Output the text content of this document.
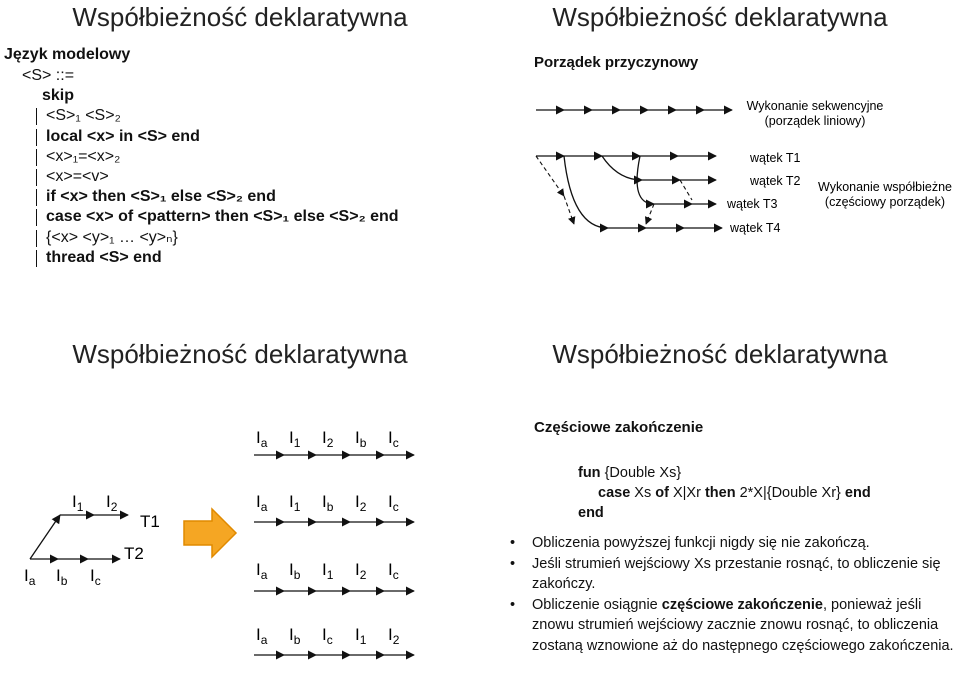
Współbieżność deklaratywna
Język modelowy
<S> ::=
skip
<S>₁ <S>₂
local <x> in <S> end
<x>₁=<x>₂
<x>=<v>
if <x> then <S>₁ else <S>₂ end
case <x> of <pattern> then <S>₁ else <S>₂ end
{<x> <y>₁ … <y>ₙ}
thread <S> end
Współbieżność deklaratywna
Porządek przyczynowy
Wykonanie sekwencyjne
(porządek liniowy)
wątek T1
wątek T2
wątek T3
wątek T4
Wykonanie współbieżne
(częściowy porządek)
Współbieżność deklaratywna
$I_1$ $I_2$
$I_a$ $I_b$ $I_c$
T1
T2
$I_a$ $I_1$ $I_2$ $I_b$ $I_c$
$I_a$ $I_1$ $I_b$ $I_2$ $I_c$
$I_a$ $I_b$ $I_1$ $I_2$ $I_c$
$I_a$ $I_b$ $I_c$ $I_1$ $I_2$
Współbieżność deklaratywna
Częściowe zakończenie
fun {Double Xs}
case Xs of X|Xr then 2*X|{Double Xr} end
end
• Obliczenia powyższej funkcji nigdy się nie zakończą.
• Jeśli strumień wejściowy Xs przestanie rosnąć, to obliczenie się zakończy.
• Obliczenie osiągnie częściowe zakończenie, ponieważ jeśli znowu strumień wejściowy zacznie znowu rosnąć, to obliczenia zostaną wznowione aż do następnego częściowego zakończenia.
